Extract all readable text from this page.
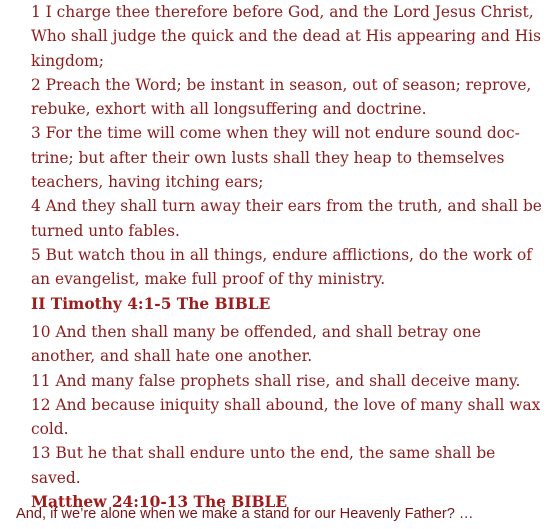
1 I charge thee therefore before God, and the Lord Jesus Christ, Who shall judge the quick and the dead at His appearing and His kingdom;

2 Preach the Word; be instant in season, out of season; reprove, rebuke, exhort with all longsuffering and doctrine.

3 For the time will come when they will not endure sound doc-trine; but after their own lusts shall they heap to themselves teachers, having itching ears;

4 And they shall turn away their ears from the truth, and shall be turned unto fables.

5 But watch thou in all things, endure afflictions, do the work of an evangelist, make full proof of thy ministry.

II Timothy 4:1-5 The BIBLE

10 And then shall many be offended, and shall betray one another, and shall hate one another.

11 And many false prophets shall rise, and shall deceive many.

12 And because iniquity shall abound, the love of many shall wax cold.

13 But he that shall endure unto the end, the same shall be saved.

Matthew 24:10-13 The BIBLE

And, if we’re alone when we make a stand for our Heavenly Father? …
